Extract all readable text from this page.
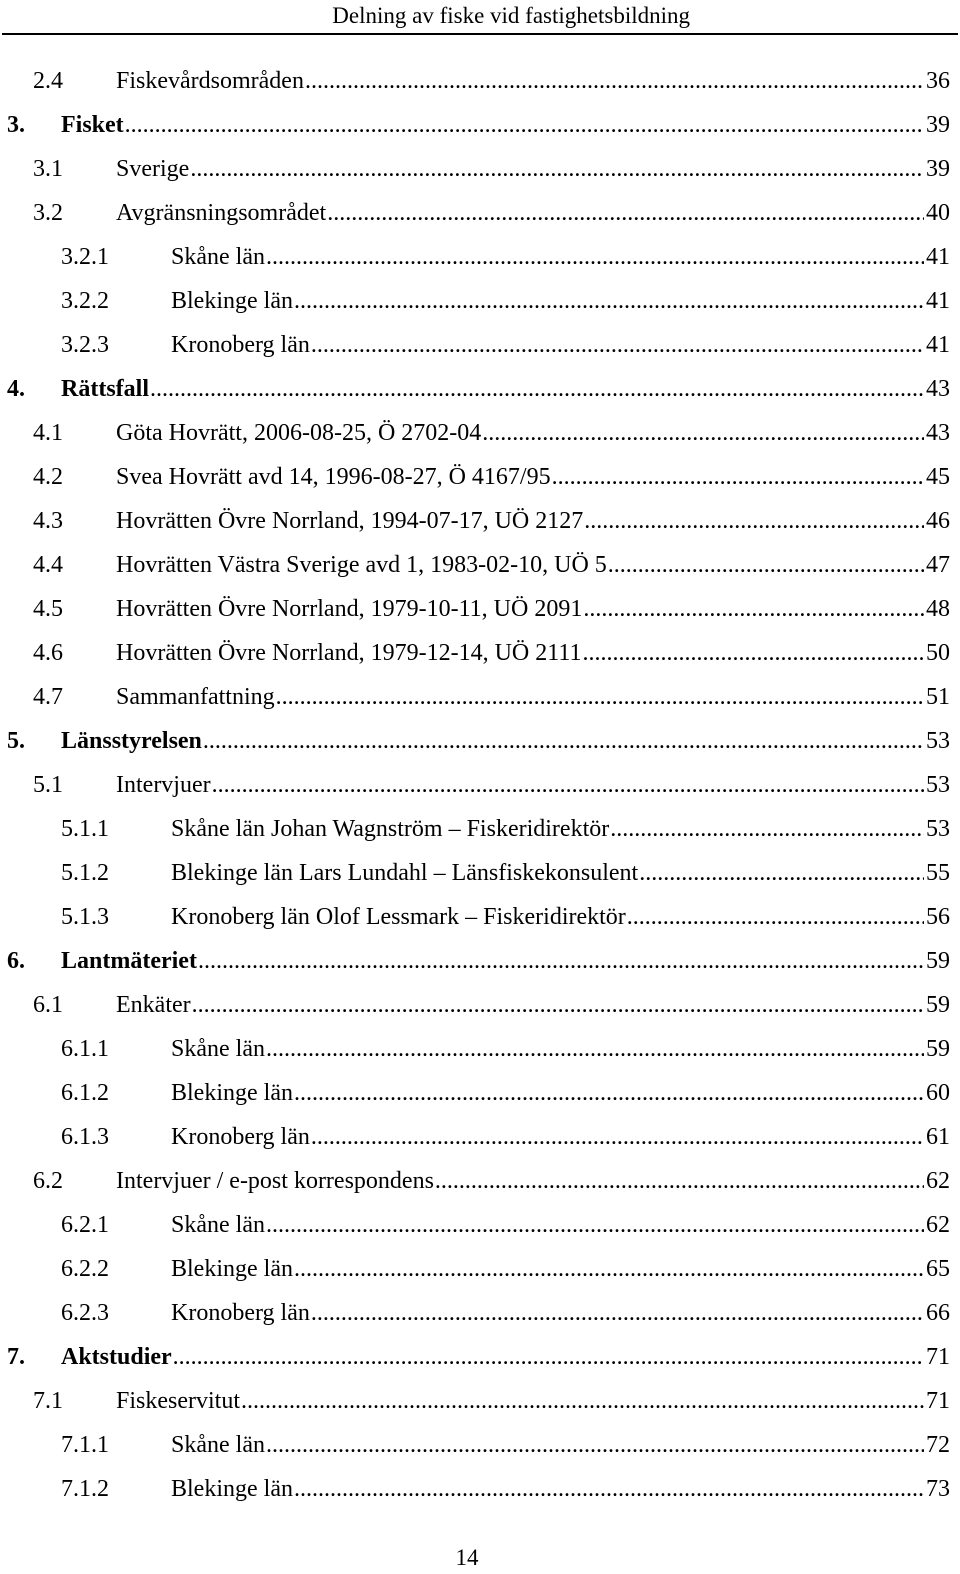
Delning av fiske vid fastighetsbildning
2.4 Fiskevårdsområden .....	36
3. Fisket .....	39
3.1 Sverige .....	39
3.2 Avgränsningsområdet .....	40
3.2.1	Skåne län .....	41
3.2.2	Blekinge län .....	41
3.2.3	Kronoberg län .....	41
4. Rättsfall .....	43
4.1 Göta Hovrätt, 2006-08-25, Ö 2702-04 .....	43
4.2 Svea Hovrätt avd 14, 1996-08-27, Ö 4167/95 .....	45
4.3 Hovrätten Övre Norrland, 1994-07-17, UÖ 2127 .....	46
4.4 Hovrätten Västra Sverige avd 1, 1983-02-10, UÖ 5 .....	47
4.5 Hovrätten Övre Norrland, 1979-10-11, UÖ 2091 .....	48
4.6 Hovrätten Övre Norrland, 1979-12-14, UÖ 2111 .....	50
4.7 Sammanfattning .....	51
5. Länsstyrelsen .....	53
5.1 Intervjuer .....	53
5.1.1	Skåne län Johan Wagnström – Fiskeridirektör .....	53
5.1.2	Blekinge län Lars Lundahl – Länsfiskekonsulent .....	55
5.1.3	Kronoberg län Olof Lessmark – Fiskeridirektör .....	56
6. Lantmäteriet .....	59
6.1 Enkäter .....	59
6.1.1	Skåne län .....	59
6.1.2	Blekinge län .....	60
6.1.3	Kronoberg län .....	61
6.2 Intervjuer / e-post korrespondens .....	62
6.2.1	Skåne län .....	62
6.2.2	Blekinge län .....	65
6.2.3	Kronoberg län .....	66
7. Aktstudier .....	71
7.1 Fiskeservitut .....	71
7.1.1	Skåne län .....	72
7.1.2	Blekinge län .....	73
14
